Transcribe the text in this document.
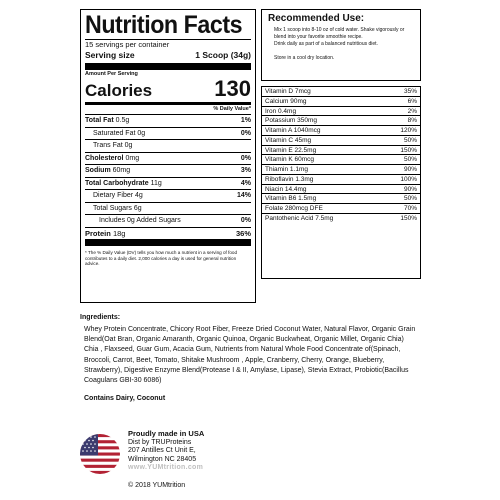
Nutrition Facts
15 servings per container
Serving size	1 Scoop (34g)
Amount Per Serving
Calories	130
% Daily Value*
Total Fat 0.5g	1%
Saturated Fat 0g	0%
Trans Fat 0g
Cholesterol 0mg	0%
Sodium 60mg	3%
Total Carbohydrate 11g	4%
Dietary Fiber 4g	14%
Total Sugars 6g
Includes 0g Added Sugars	0%
Protein 18g	36%
* The % Daily Value (DV) tells you how much a nutrient in a serving of food contributes to a daily diet. 2,000 calories a day is used for general nutrition advice.
Recommended Use:
Mix 1 scoop into 8-10 oz of cold water. Shake vigorously or blend into your favorite smoothie recipe.
Drink daily as part of a balanced nutritious diet.
Store in a cool dry location.
Vitamin D 7mcg	35%
Calcium 90mg	6%
Iron 0.4mg	2%
Potassium 350mg	8%
Vitamin A 1040mcg	120%
Vitamin C 45mg	50%
Vitamin E 22.5mg	150%
Vitamin K 60mcg	50%
Thiamin 1.1mg	90%
Riboflavin 1.3mg	100%
Niacin 14.4mg	90%
Vitamin B6 1.5mg	50%
Folate 280mcg DFE	70%
Pantothenic Acid 7.5mg	150%
Ingredients:
Whey Protein Concentrate, Chicory Root Fiber, Freeze Dried Coconut Water, Natural Flavor, Organic Grain Blend(Oat Bran, Organic Amaranth, Organic Quinoa, Organic Buckwheat, Organic Millet, Organic Chia) Chia , Flaxseed, Guar Gum, Acacia Gum, Nutrients from Natural Whole Food Concentrate of(Spinach, Broccoli, Carrot, Beet, Tomato, Shitake Mushroom , Apple, Cranberry, Cherry, Orange, Blueberry, Strawberry), Digestive Enzyme Blend(Protease I & II, Amylase, Lipase), Stevia Extract, Probiotic(Bacillus Coagulans GBI-30 6086)
Contains Dairy, Coconut
Proudly made in USA
Dist by TRUProteins
207 Antilles Ct Unit E,
Wilmington NC 28405
www.YUMtrition.com
© 2018 YUMtrition
